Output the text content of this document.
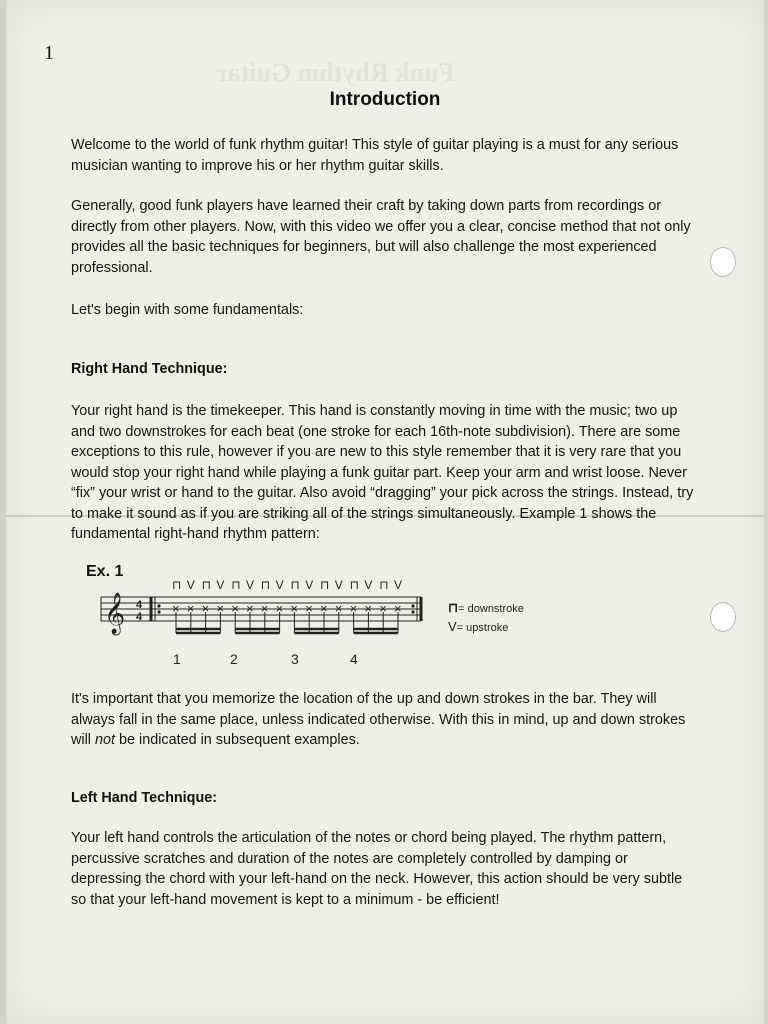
Funk Rhythm Guitar
1
Introduction

Welcome to the world of funk rhythm guitar! This style of guitar playing is a must for any serious musician wanting to improve his or her rhythm guitar skills.

Generally, good funk players have learned their craft by taking down parts from recordings or directly from other players. Now, with this video we offer you a clear, concise method that not only provides all the basic techniques for beginners, but will also challenge the most experienced professional.

Let's begin with some fundamentals:

Right Hand Technique:

Your right hand is the timekeeper. This hand is constantly moving in time with the music; two up and two downstrokes for each beat (one stroke for each 16th-note subdivision). There are some exceptions to this rule, however if you are new to this style remember that it is very rare that you would stop your right hand while playing a funk guitar part. Keep your arm and wrist loose. Never “fix” your wrist or hand to the guitar. Also avoid “dragging” your pick across the strings. Instead, try to make it sound as if you are striking all of the strings simultaneously. Example 1 shows the fundamental right-hand rhythm pattern:

Ex. 1
𝄞 4
4
⊓ V ⊓ V ⊓ V ⊓ V ⊓ V ⊓ V ⊓ V ⊓ V
× × × × × × × × × × × × × × × ×	⊓= downstroke
V= upstroke
1	2	3	4

It's important that you memorize the location of the up and down strokes in the bar. They will always fall in the same place, unless indicated otherwise. With this in mind, up and down strokes will not be indicated in subsequent examples.

Left Hand Technique:

Your left hand controls the articulation of the notes or chord being played. The rhythm pattern, percussive scratches and duration of the notes are completely controlled by damping or depressing the chord with your left-hand on the neck. However, this action should be very subtle so that your left-hand movement is kept to a minimum - be efficient!
